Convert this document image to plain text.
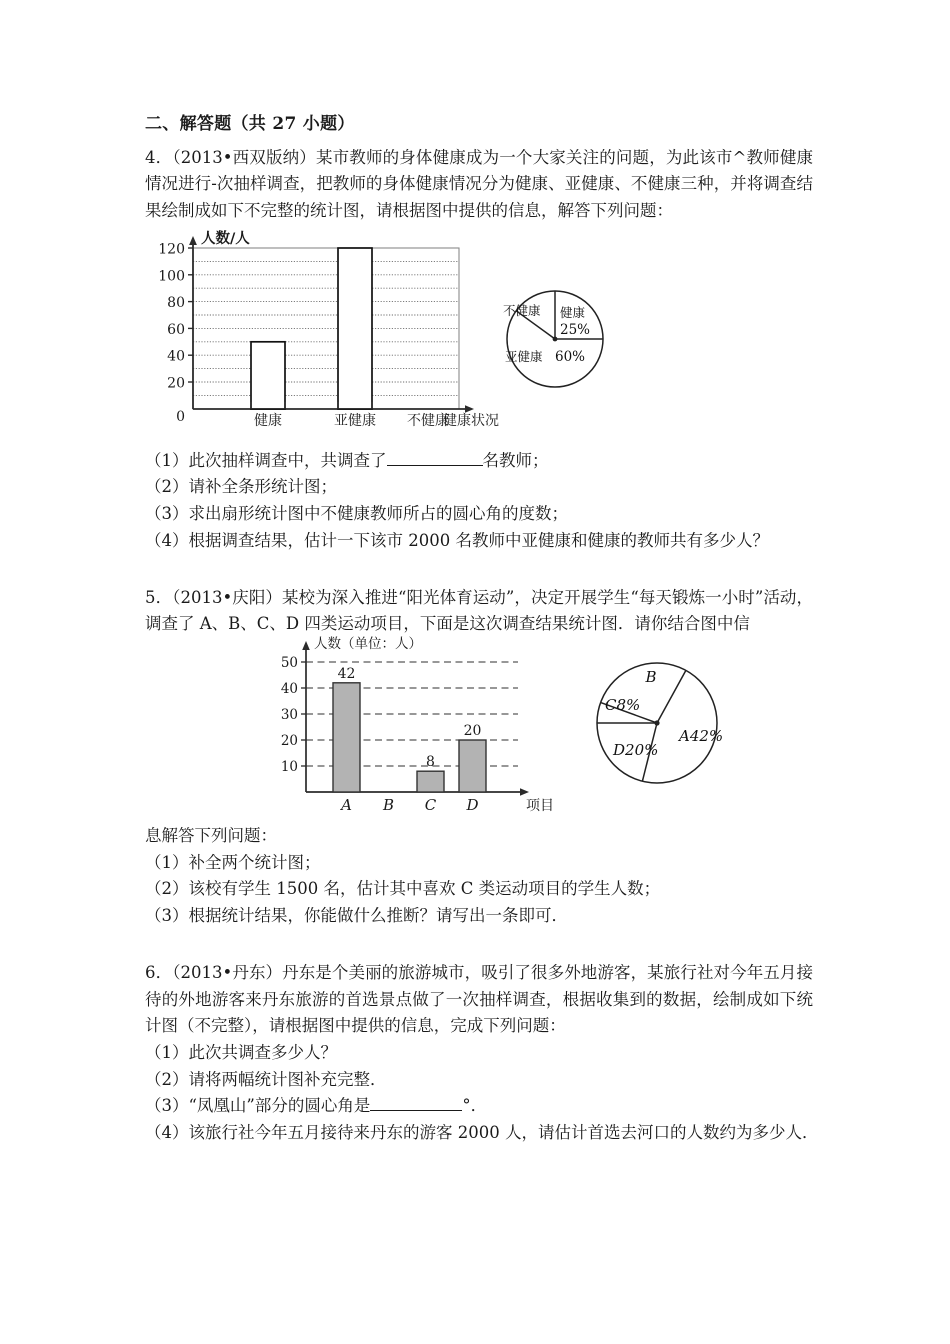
二、解答题（共 27 小题）

4．（2013•西双版纳）某市教师的身体健康成为一个大家关注的问题，为此该市^教师健康情况进行‑次抽样调查，把教师的身体健康情况分为健康、亚健康、不健康三种，并将调查结果绘制成如下不完整的统计图，请根据图中提供的信息，解答下列问题：

120
100
80
60
40
20
0
人数/人
健康	亚健康 不健康
健康状况
健康
不健康
亚健康
25%
60%

（1）此次抽样调查中，共调查了	名教师；

（2）请补全条形统计图；

（3）求出扇形统计图中不健康教师所占的圆心角的度数；

（4）根据调查结果，估计一下该市 2000 名教师中亚健康和健康的教师共有多少人？

5．（2013•庆阳）某校为深入推进“阳光体育运动”，决定开展学生“每天锻炼一小时”活动，调查了 A、B、C、D 四类运动项目，下面是这次调查结果统计图．请你结合图中信

50
40
30
20
10
42
8
20
人数（单位：人）
A B C D	项目
B
A42%
C8%
D20%

息解答下列问题：

（1）补全两个统计图；

（2）该校有学生 1500 名，估计其中喜欢 C 类运动项目的学生人数；

（3）根据统计结果，你能做什么推断？请写出一条即可．

6．（2013•丹东）丹东是个美丽的旅游城市，吸引了很多外地游客，某旅行社对今年五月接待的外地游客来丹东旅游的首选景点做了一次抽样调查，根据收集到的数据，绘制成如下统计图（不完整），请根据图中提供的信息，完成下列问题：

（1）此次共调查多少人？

（2）请将两幅统计图补充完整．

（3）“凤凰山”部分的圆心角是	°．

（4）该旅行社今年五月接待来丹东的游客 2000 人，请估计首选去河口的人数约为多少人．
